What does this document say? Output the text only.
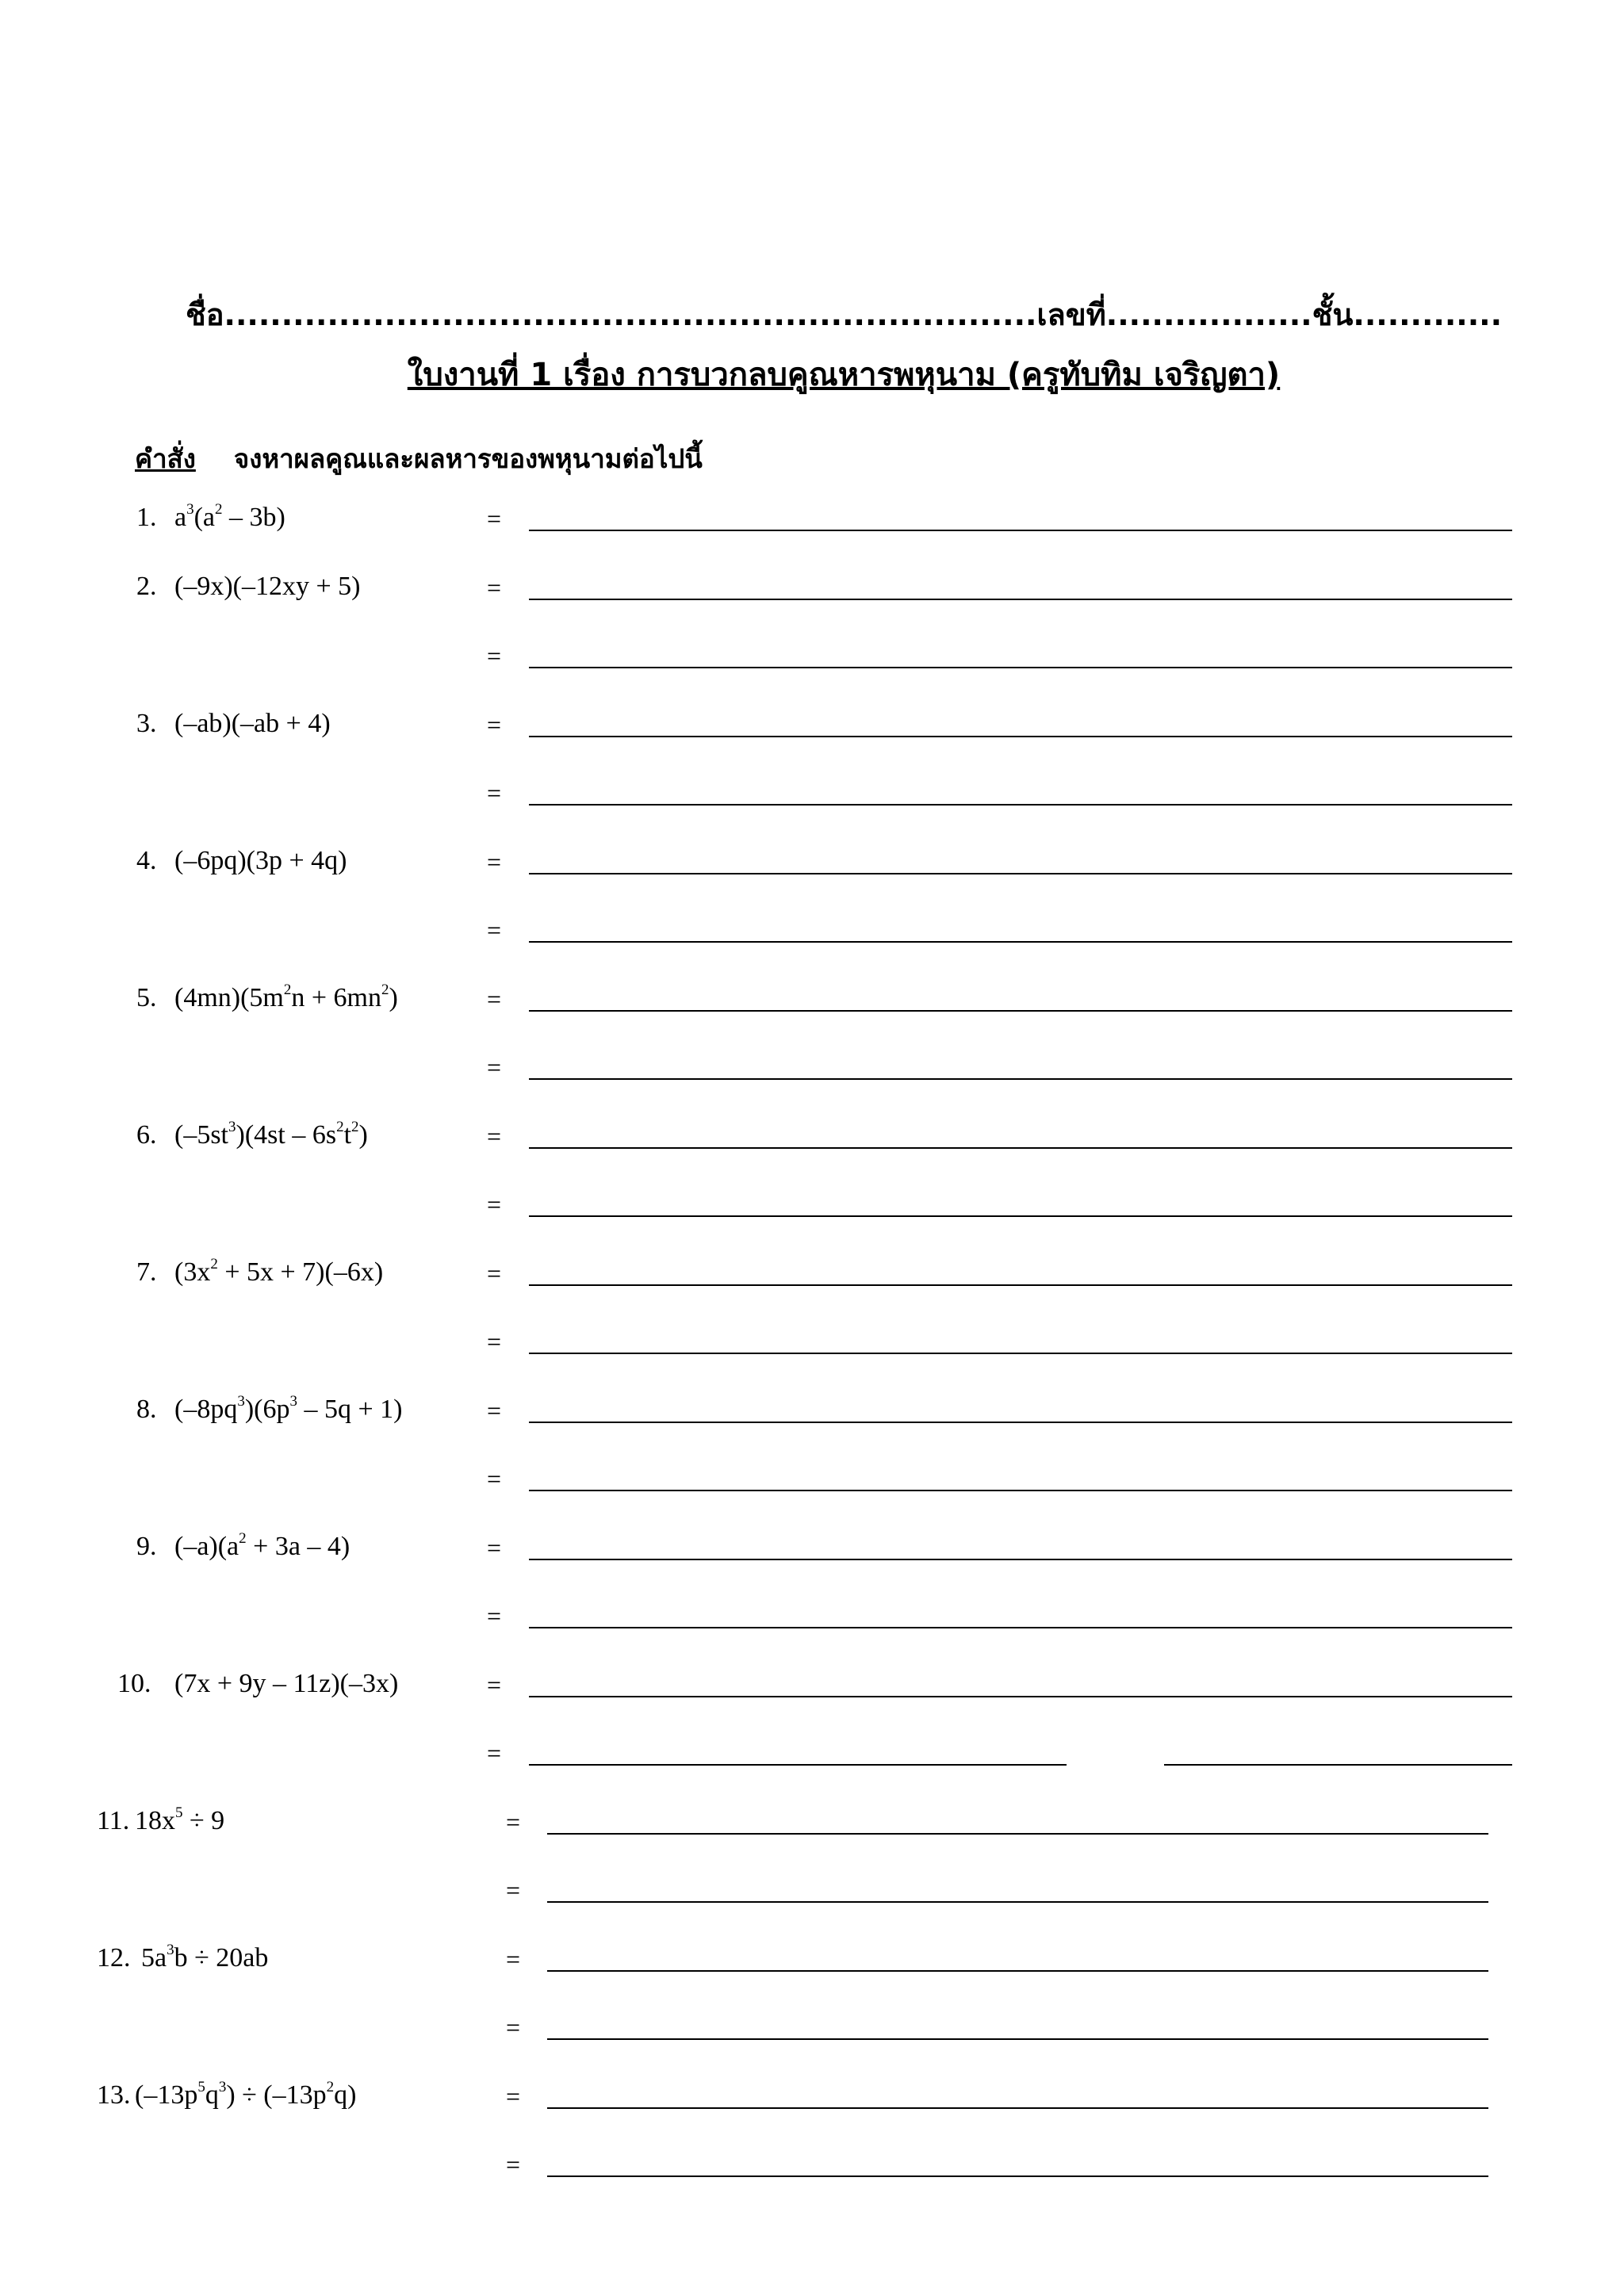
ชื่อ.......................................................................เลขที่..................ชั้น.............
ใบงานที่ 1 เรื่อง การบวกลบคูณหารพหุนาม (ครูทับทิม เจริญตา)
คำสั่ง จงหาผลคูณและผลหารของพหุนามต่อไปนี้
1. $a^3(a^2 - 3b)$	=
2. (–9x)(–12xy + 5)	=
=
3. (–ab)(–ab + 4)	=
=
4. (–6pq)(3p + 4q)	=
=
5. $(4mn)(5m^2n + 6mn^2)$	=
=
6. $(-5st^3)(4st - 6s^2t^2)$	=
=
7. $(3x^2 + 5x + 7)(-6x)$	=
=
8. $(-8pq^3)(6p^3 - 5q + 1)$	=
=
9. $(-a)(a^2 + 3a - 4)$	=
=
10. (7x + 9y – 11z)(–3x)	=
=
11. $18x^5 \div 9$	=
=
12. $5a^3b \div 20ab$	=
=
13. $(-13p^5q^3) \div (-13p^2q)$	=
=
